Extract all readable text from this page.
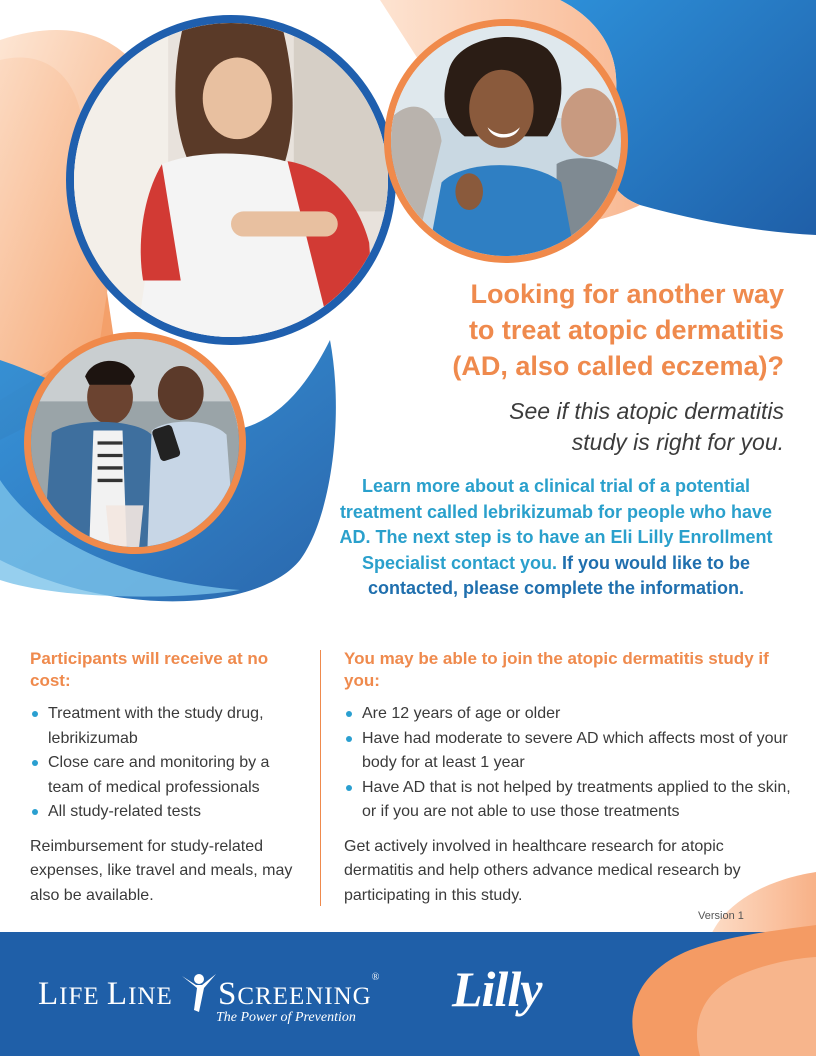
Looking for another way
to treat atopic dermatitis
(AD, also called eczema)?
See if this atopic dermatitis
study is right for you.
Learn more about a clinical trial of a potential treatment called lebrikizumab for people who have AD. The next step is to have an Eli Lilly Enrollment Specialist contact you. If you would like to be contacted, please complete the information.
Participants will receive at no cost:
Treatment with the study drug, lebrikizumab
Close care and monitoring by a team of medical professionals
All study-related tests
Reimbursement for study-related expenses, like travel and meals, may also be available.
You may be able to join the atopic dermatitis study if you:
Are 12 years of age or older
Have had moderate to severe AD which affects most of your body for at least 1 year
Have AD that is not helped by treatments applied to the skin, or if you are not able to use those treatments
Get actively involved in healthcare research for atopic dermatitis and help others advance medical research by participating in this study.
Version 1
LIFE LINE SCREENING®
The Power of Prevention
Lilly
